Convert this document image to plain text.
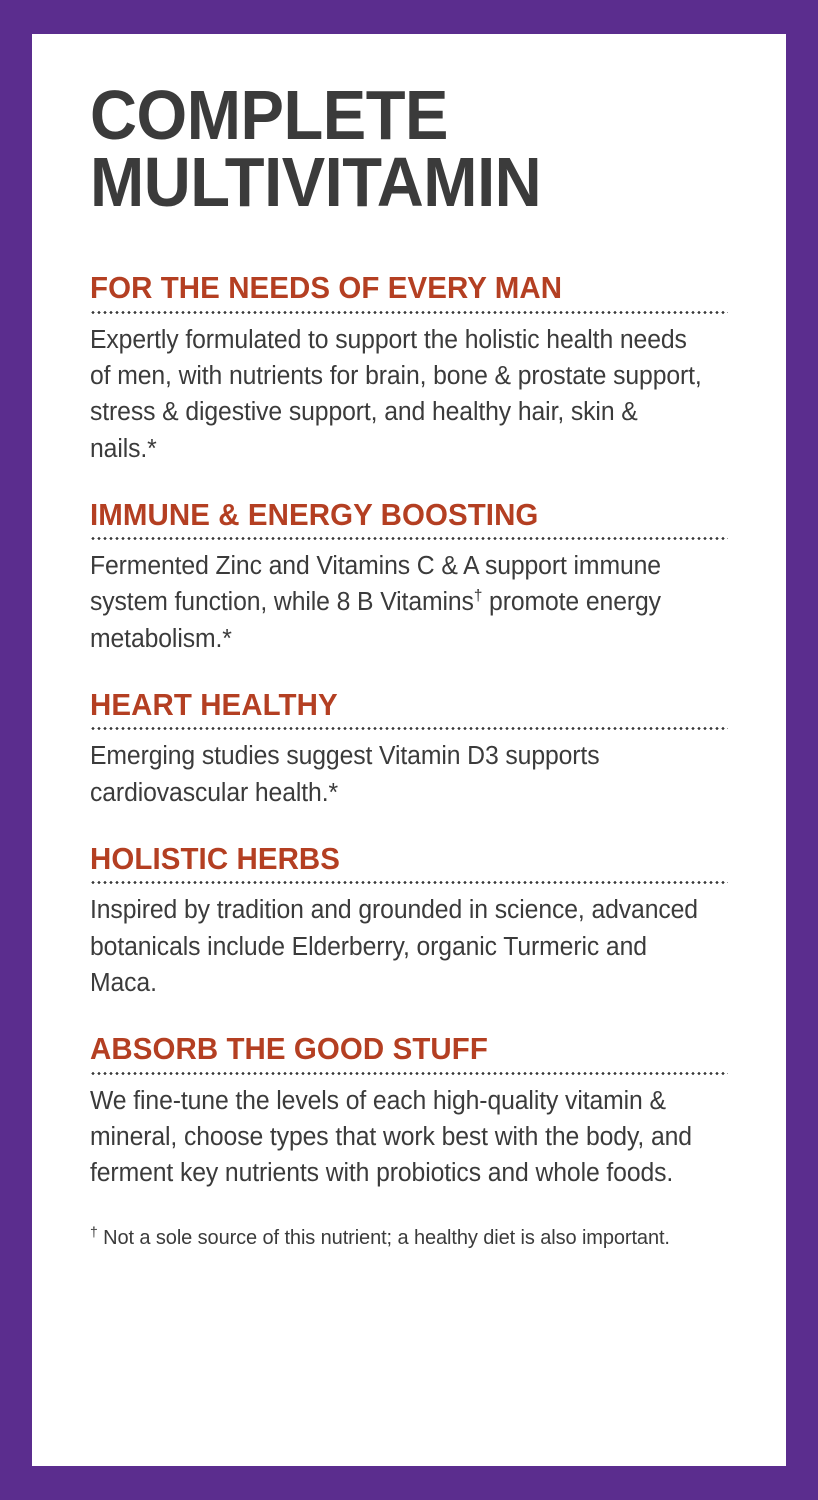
COMPLETE
MULTIVITAMIN
FOR THE NEEDS OF EVERY MAN
Expertly formulated to support the holistic health needs of men, with nutrients for brain, bone & prostate support, stress & digestive support, and healthy hair, skin & nails.*
IMMUNE & ENERGY BOOSTING
Fermented Zinc and Vitamins C & A support immune system function, while 8 B Vitamins† promote energy metabolism.*
HEART HEALTHY
Emerging studies suggest Vitamin D3 supports cardiovascular health.*
HOLISTIC HERBS
Inspired by tradition and grounded in science, advanced botanicals include Elderberry, organic Turmeric and Maca.
ABSORB THE GOOD STUFF
We fine-tune the levels of each high-quality vitamin & mineral, choose types that work best with the body, and ferment key nutrients with probiotics and whole foods.
† Not a sole source of this nutrient; a healthy diet is also important.
